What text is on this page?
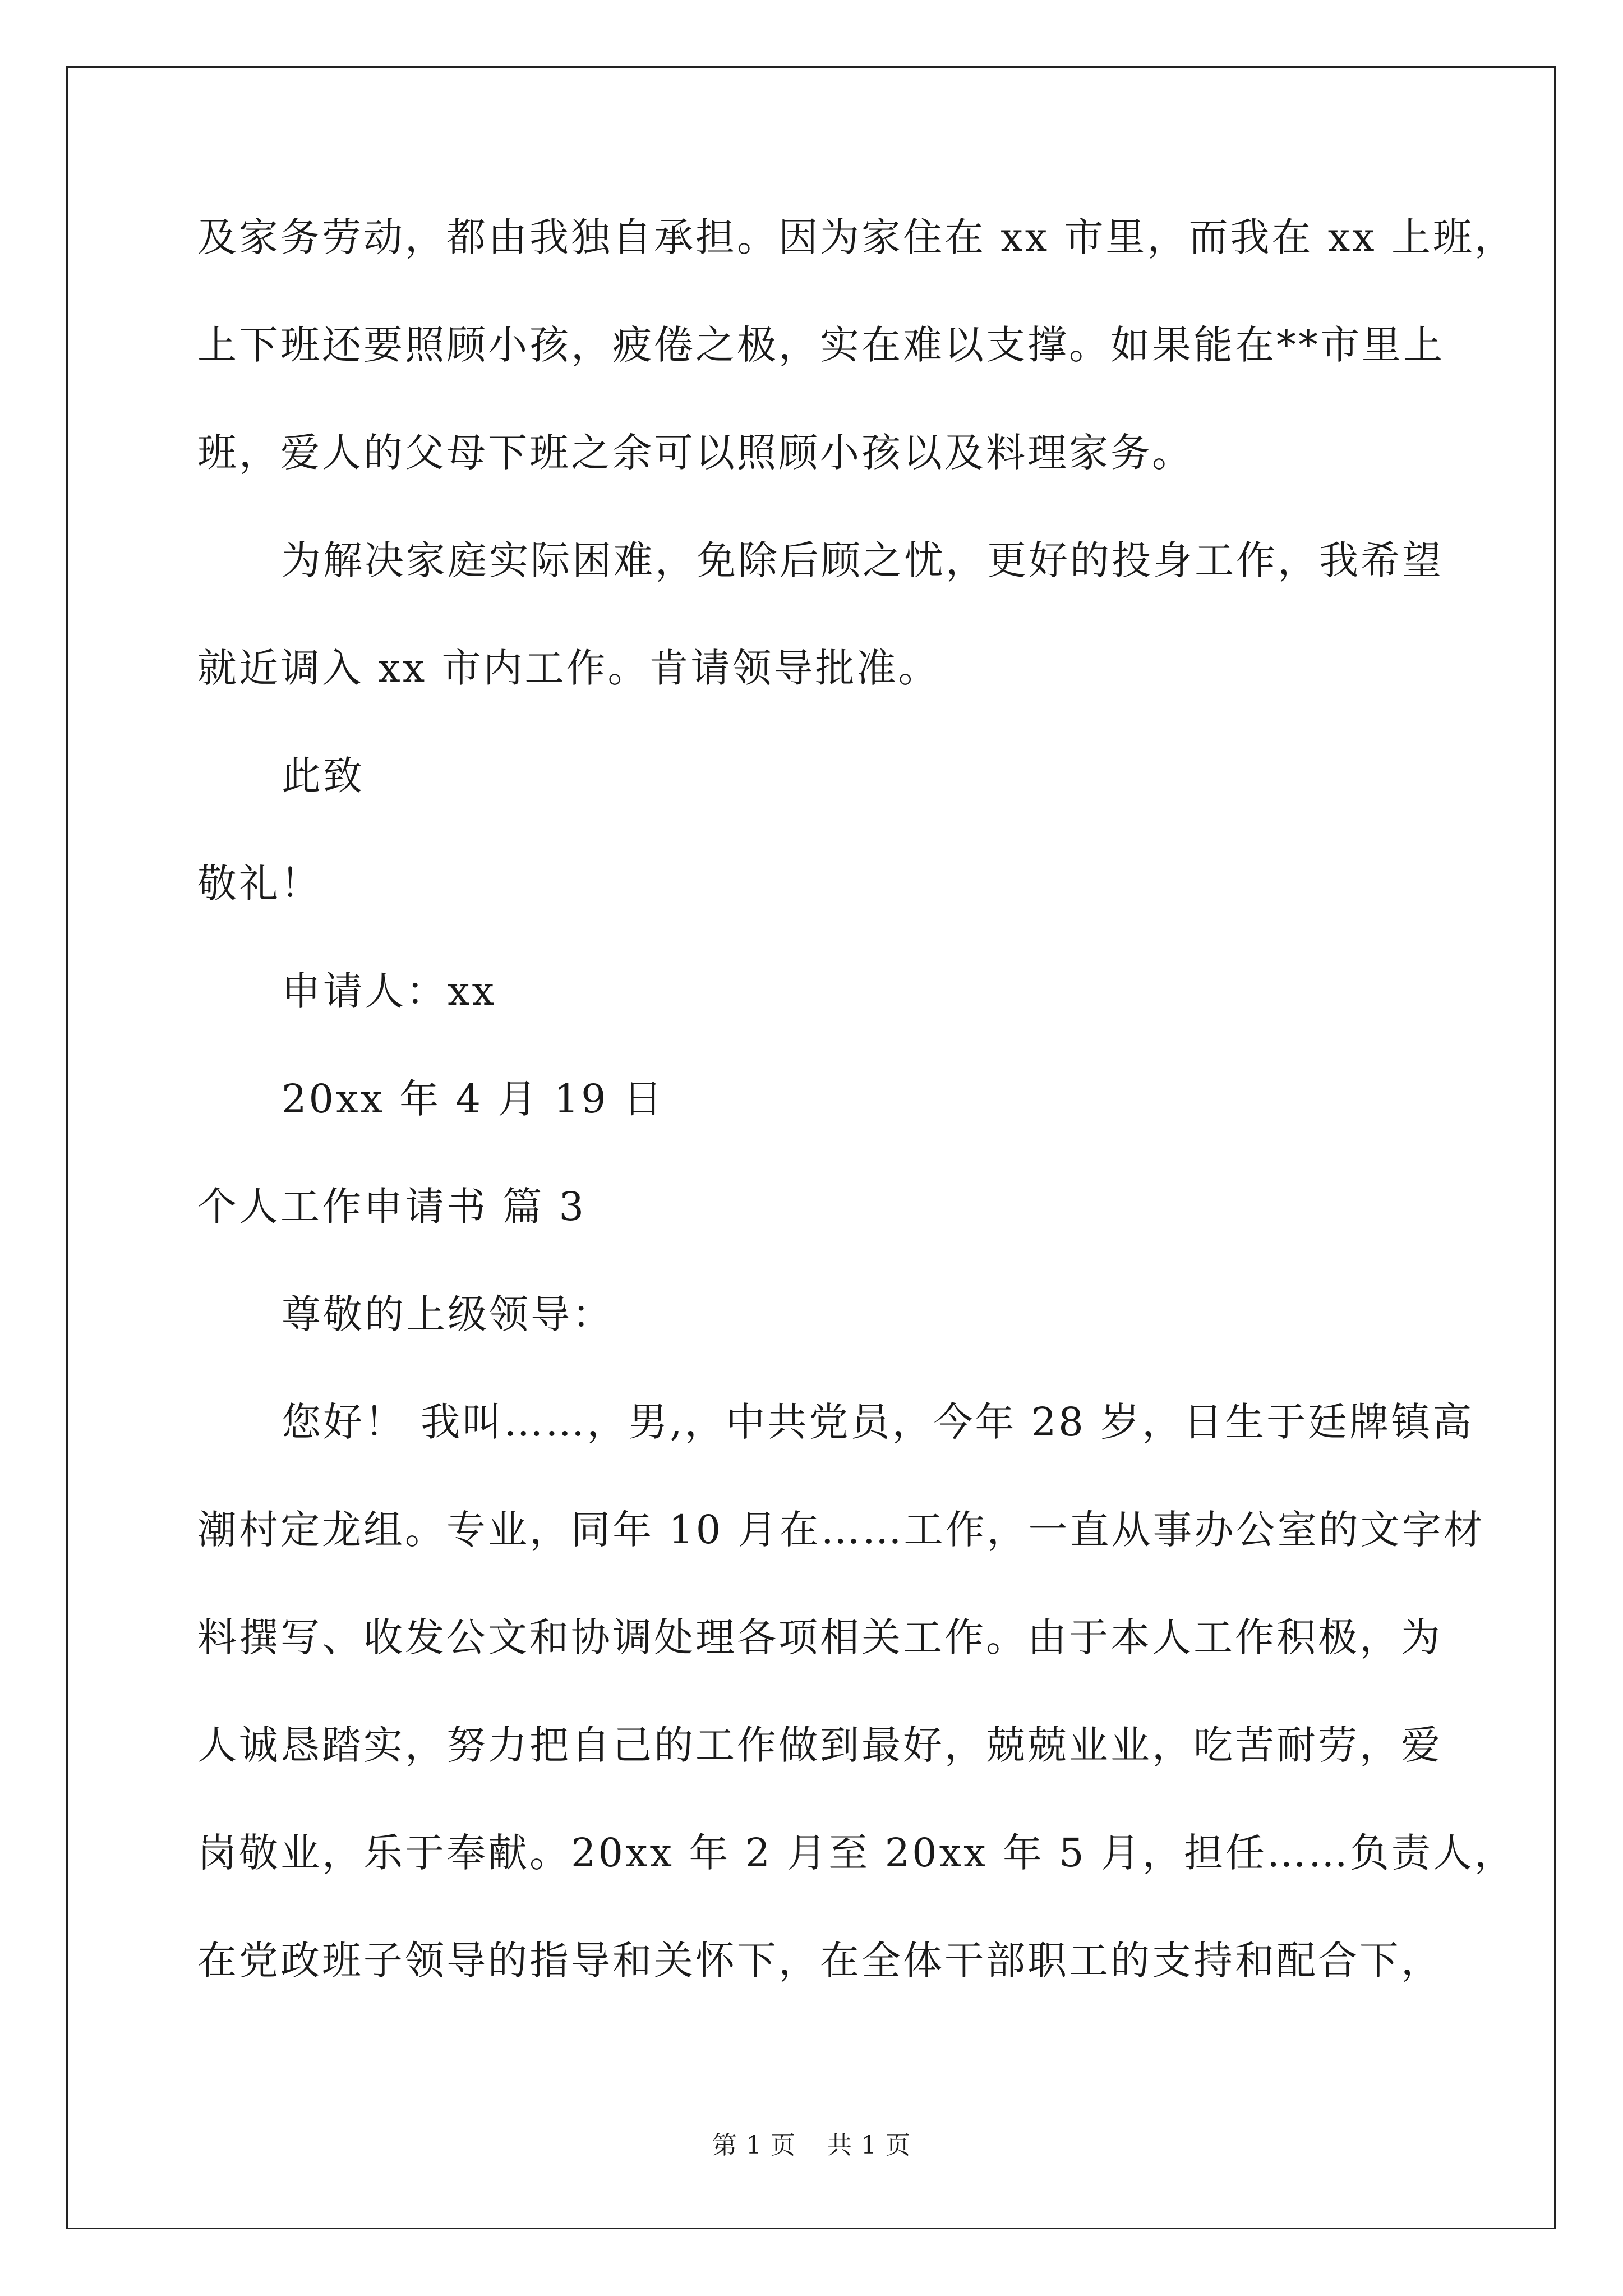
及家务劳动，都由我独自承担。因为家住在 xx 市里，而我在 xx 上班，
上下班还要照顾小孩，疲倦之极，实在难以支撑。如果能在**市里上
班，爱人的父母下班之余可以照顾小孩以及料理家务。
为解决家庭实际困难，免除后顾之忧，更好的投身工作，我希望
就近调入 xx 市内工作。肯请领导批准。
此致
敬礼！
申请人：xx
20xx 年 4 月 19 日
个人工作申请书 篇 3
尊敬的上级领导：
您好！ 我叫……，男,，中共党员，今年 28 岁，日生于廷牌镇高
潮村定龙组。专业，同年 10 月在……工作，一直从事办公室的文字材
料撰写、收发公文和协调处理各项相关工作。由于本人工作积极，为
人诚恳踏实，努力把自己的工作做到最好，兢兢业业，吃苦耐劳，爱
岗敬业，乐于奉献。20xx 年 2 月至 20xx 年 5 月，担任……负责人，
在党政班子领导的指导和关怀下，在全体干部职工的支持和配合下，
第 1 页 共 1 页
